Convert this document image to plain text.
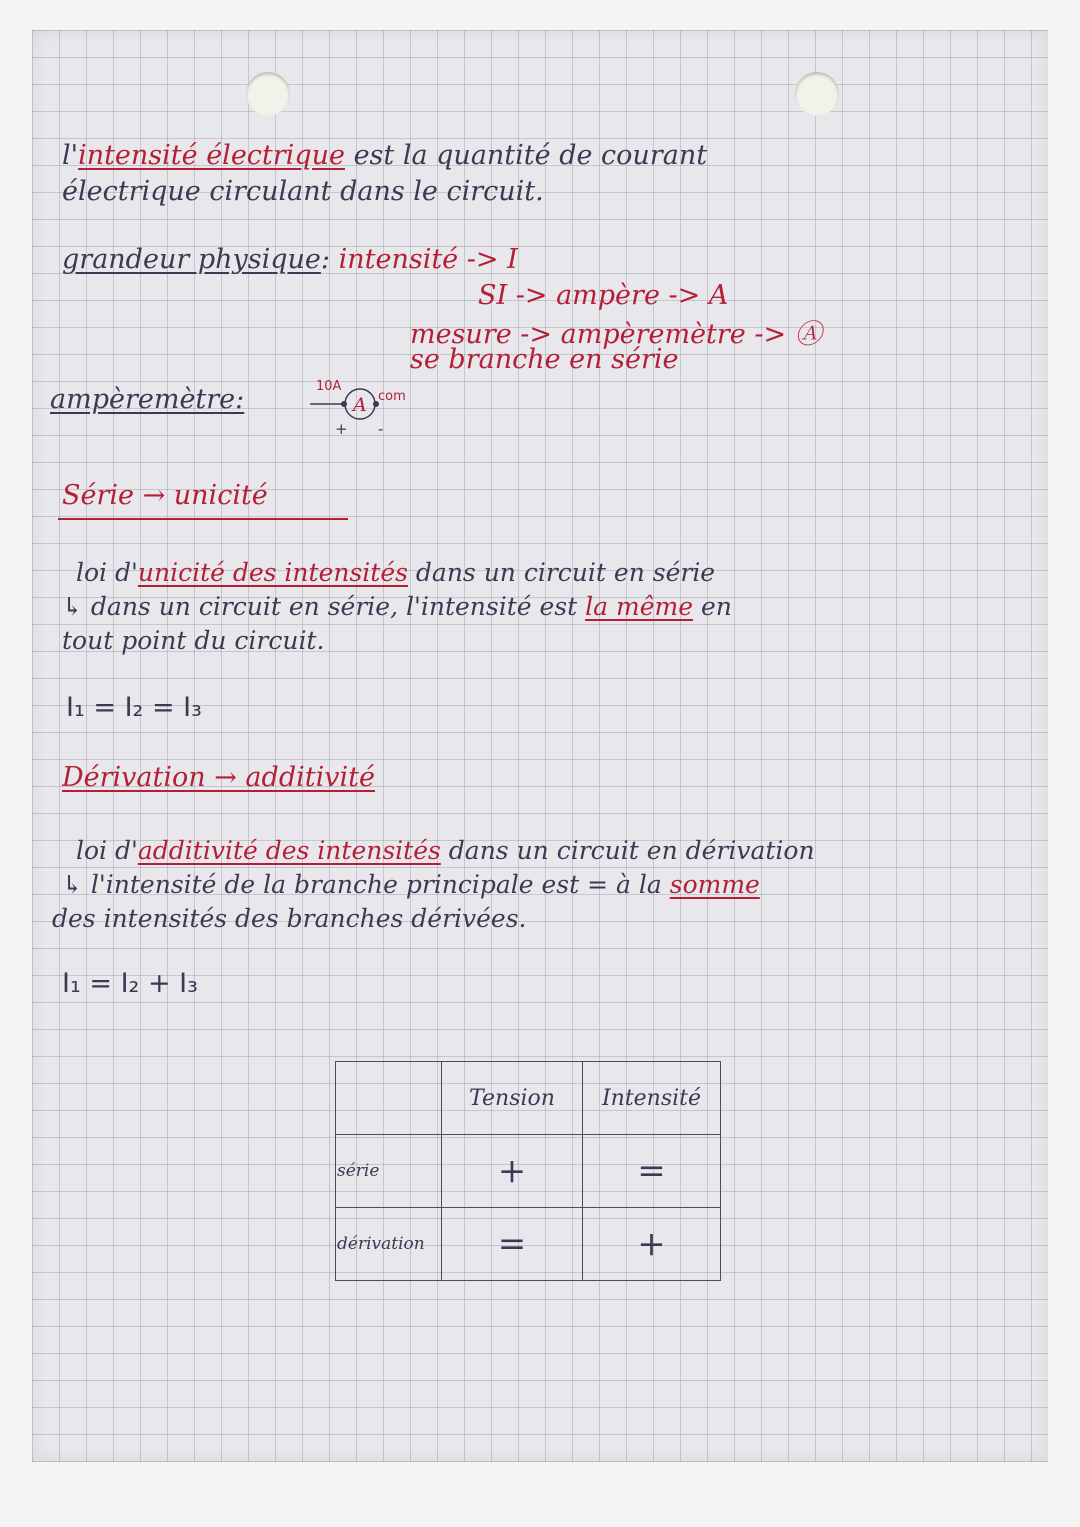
l'intensité électrique est la quantité de courant
électrique circulant dans le circuit.
grandeur physique: intensité -> I
SI -> ampère -> A
mesure -> ampèremètre -> Ⓐ
se branche en série
ampèremètre:	A
10A
com
+ -
Série → unicité
loi d'unicité des intensités dans un circuit en série
↳ dans un circuit en série, l'intensité est la même en
tout point du circuit.
I₁ = I₂ = I₃
Dérivation → additivité
loi d'additivité des intensités dans un circuit en dérivation
↳ l'intensité de la branche principale est = à la somme
des intensités des branches dérivées.
I₁ = I₂ + I₃
	Tension	Intensité
série	+	=
dérivation	=	+
